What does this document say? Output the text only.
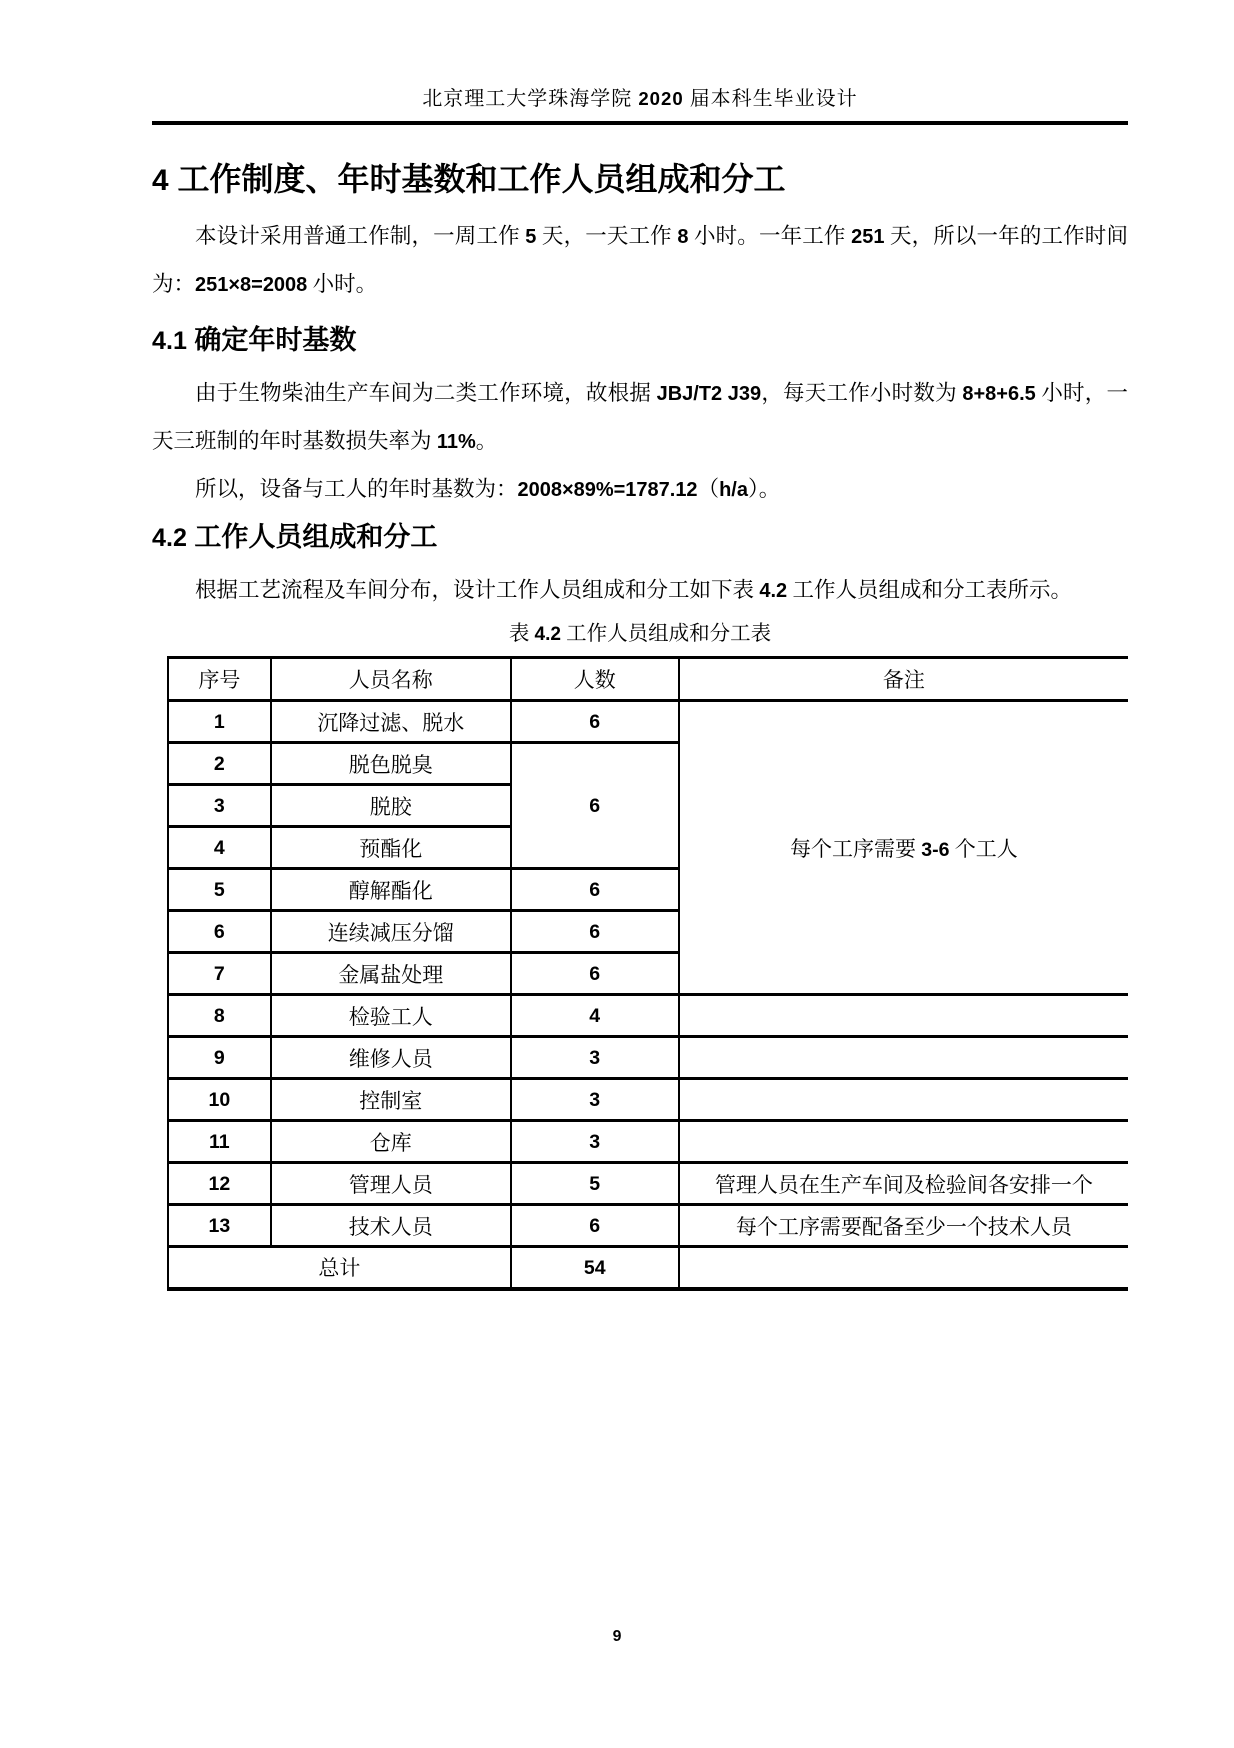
北京理工大学珠海学院 2020 届本科生毕业设计
4 工作制度、年时基数和工作人员组成和分工
本设计采用普通工作制，一周工作 5 天，一天工作 8 小时。一年工作 251 天，所以一年的工作时间为：251×8=2008 小时。
4.1 确定年时基数
由于生物柴油生产车间为二类工作环境，故根据 JBJ/T2 J39，每天工作小时数为 8+8+6.5 小时，一天三班制的年时基数损失率为 11%。
所以，设备与工人的年时基数为：2008×89%=1787.12（h/a）。
4.2 工作人员组成和分工
根据工艺流程及车间分布，设计工作人员组成和分工如下表 4.2 工作人员组成和分工表所示。
表 4.2 工作人员组成和分工表
序号	人员名称	人数	备注
1	沉降过滤、脱水	6	每个工序需要 3-6 个工人
2	脱色脱臭	6	
3	脱胶		
4	预酯化		
5	醇解酯化	6	
6	连续减压分馏	6	
7	金属盐处理	6	
8	检验工人	4	
9	维修人员	3	
10	控制室	3	
11	仓库	3	
12	管理人员	5	管理人员在生产车间及检验间各安排一个
13	技术人员	6	每个工序需要配备至少一个技术人员
总计		54	
9
